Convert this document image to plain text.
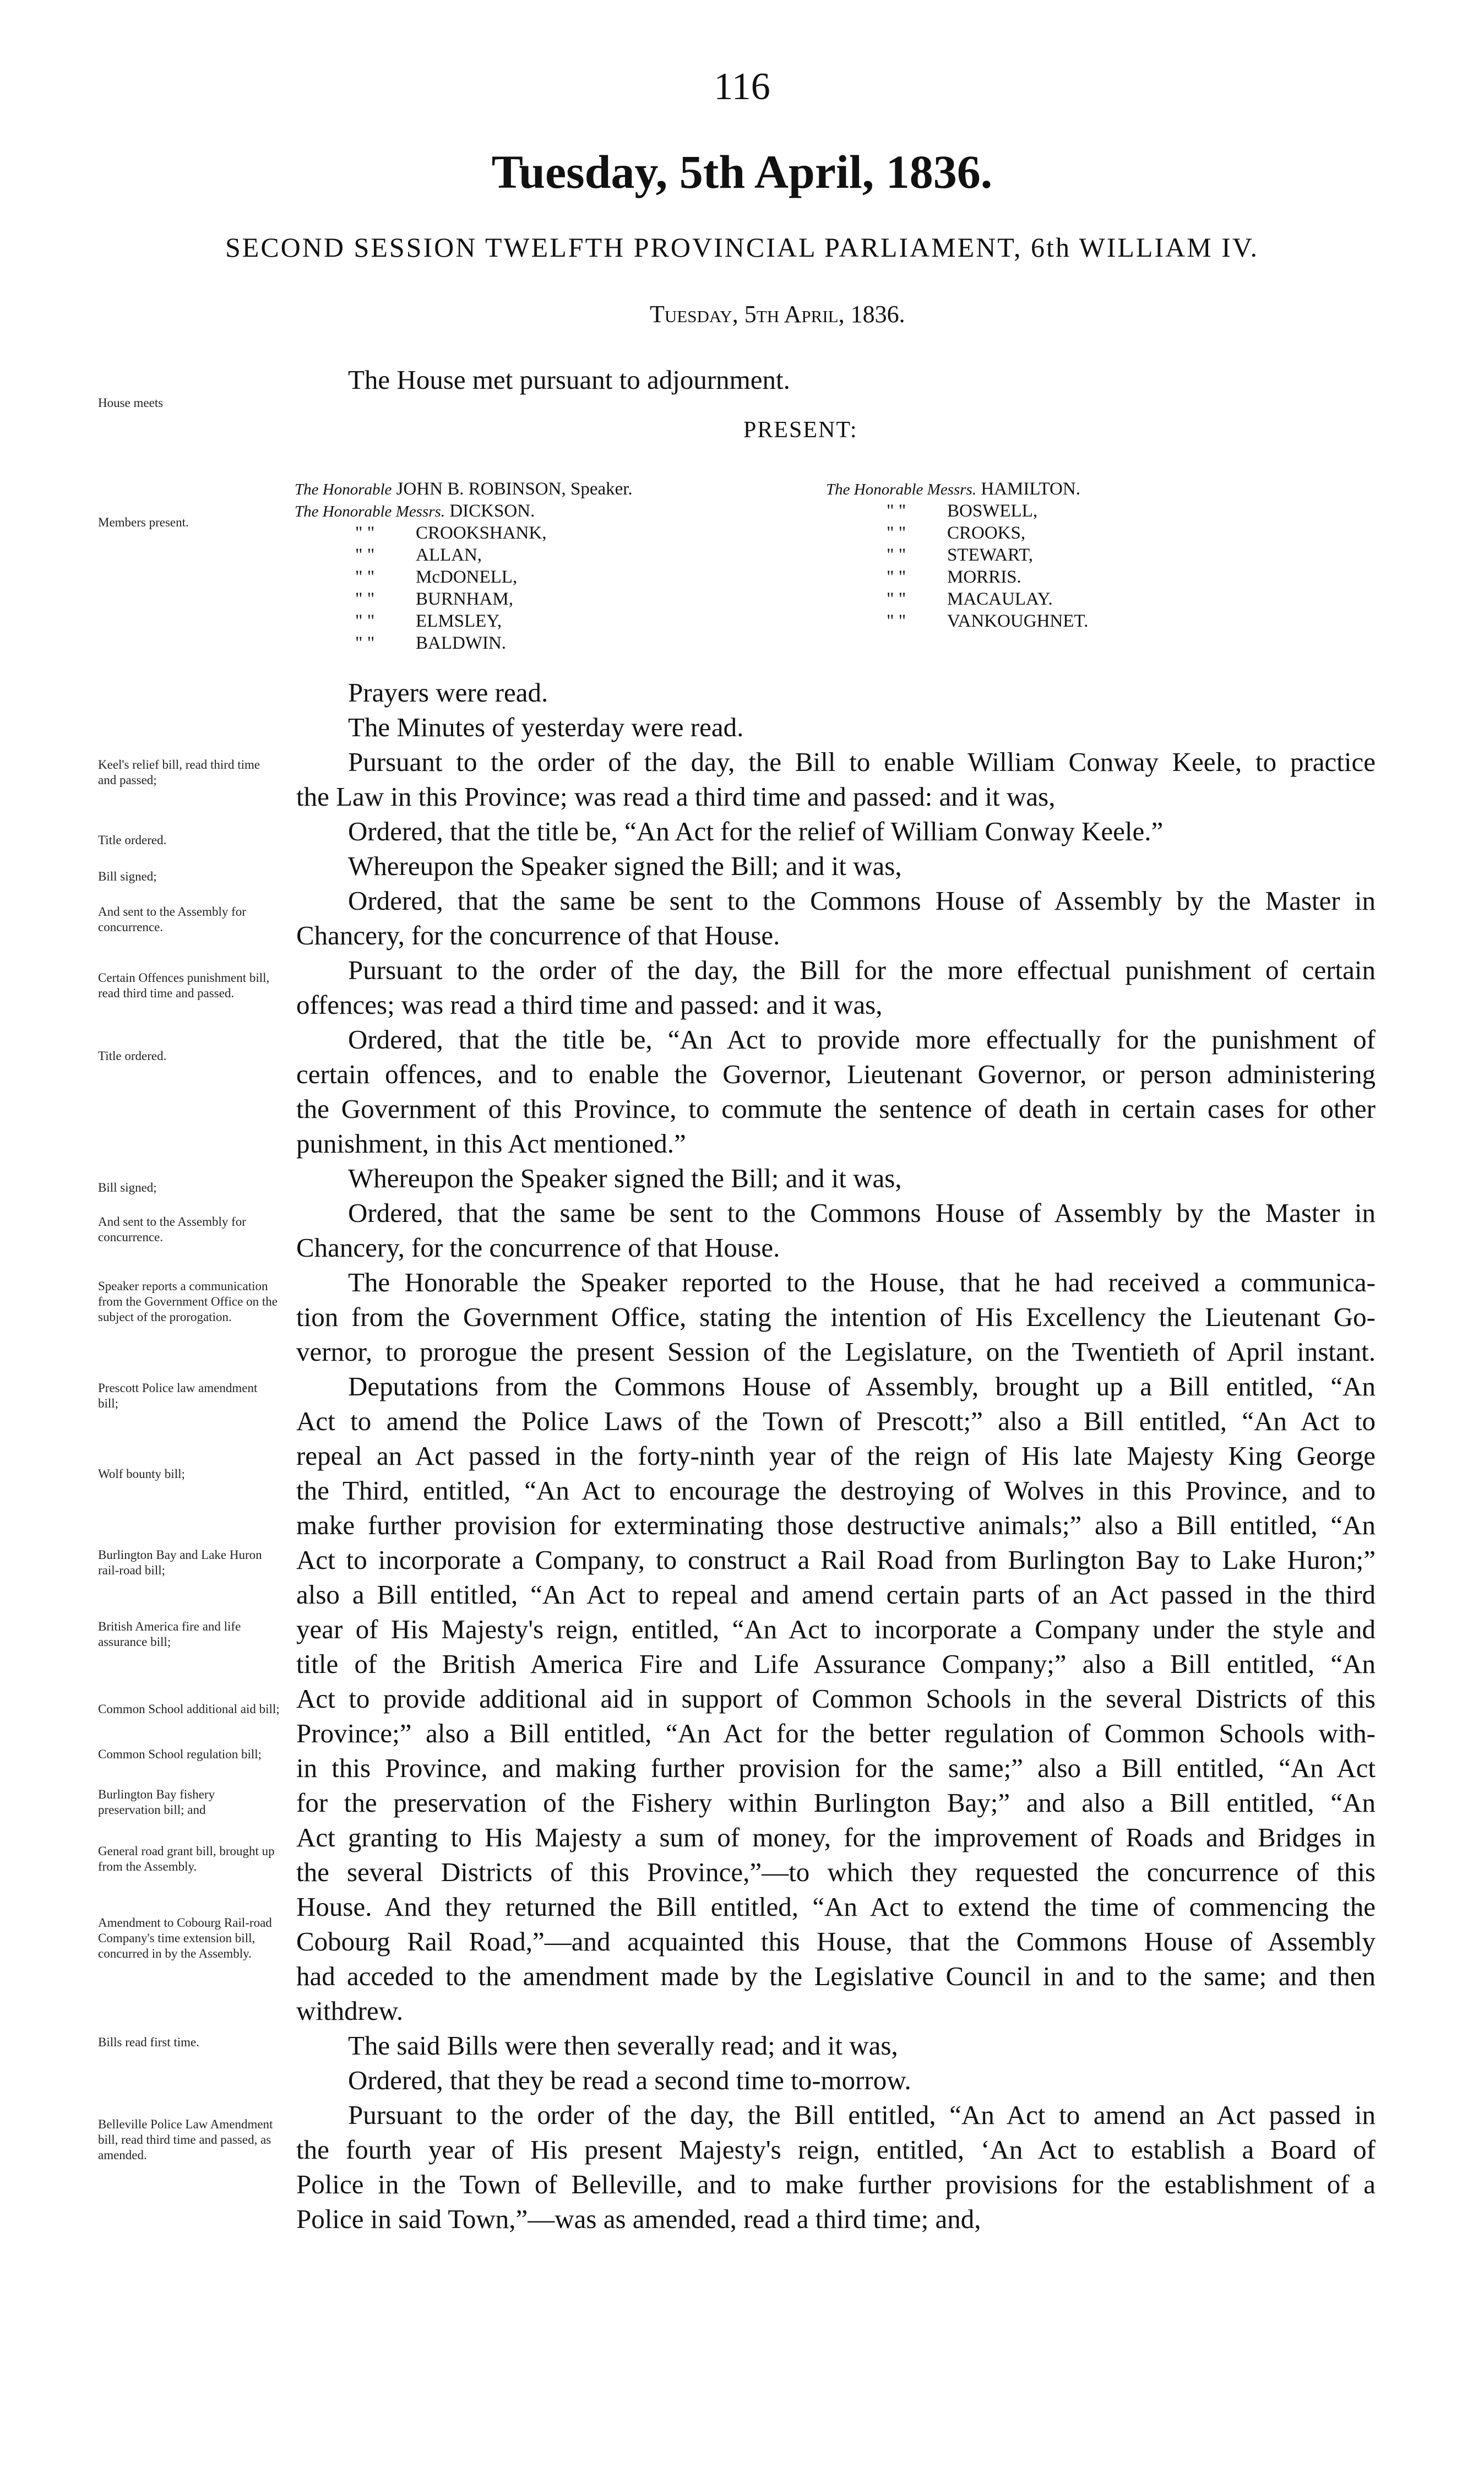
116
Tuesday, 5th April, 1836.
SECOND SESSION TWELFTH PROVINCIAL PARLIAMENT, 6th WILLIAM IV.
Tuesday, 5th April, 1836.
House meets
Members present.
Keel's relief bill, read third time and passed;
Title ordered.
Bill signed;
And sent to the Assembly for concurrence.
Certain Offences punishment bill, read third time and passed.
Title ordered.
Bill signed;
And sent to the Assembly for concurrence.
Speaker reports a communication from the Government Office on the subject of the prorogation.
Prescott Police law amendment bill;
Wolf bounty bill;
Burlington Bay and Lake Huron rail-road bill;
British America fire and life assurance bill;
Common School additional aid bill;
Common School regulation bill;
Burlington Bay fishery preservation bill; and
General road grant bill, brought up from the Assembly.
Amendment to Cobourg Rail-road Company's time extension bill, concurred in by the Assembly.
Bills read first time.
Belleville Police Law Amendment bill, read third time and passed, as amended.
The House met pursuant to adjournment.
PRESENT:
The Honorable JOHN B. ROBINSON, Speaker.
The Honorable Messrs. DICKSON.
" " CROOKSHANK,
" " ALLAN,
" " McDONELL,
" " BURNHAM,
" " ELMSLEY,
" " BALDWIN.
The Honorable Messrs. HAMILTON.
" " BOSWELL,
" " CROOKS,
" " STEWART,
" " MORRIS.
" " MACAULAY.
" " VANKOUGHNET.
Prayers were read.
The Minutes of yesterday were read.
Pursuant to the order of the day, the Bill to enable William Conway Keele, to practice
the Law in this Province; was read a third time and passed: and it was,
Ordered, that the title be, “An Act for the relief of William Conway Keele.”
Whereupon the Speaker signed the Bill; and it was,
Ordered, that the same be sent to the Commons House of Assembly by the Master in
Chancery, for the concurrence of that House.
Pursuant to the order of the day, the Bill for the more effectual punishment of certain
offences; was read a third time and passed: and it was,
Ordered, that the title be, “An Act to provide more effectually for the punishment of
certain offences, and to enable the Governor, Lieutenant Governor, or person administering
the Government of this Province, to commute the sentence of death in certain cases for other
punishment, in this Act mentioned.”
Whereupon the Speaker signed the Bill; and it was,
Ordered, that the same be sent to the Commons House of Assembly by the Master in
Chancery, for the concurrence of that House.
The Honorable the Speaker reported to the House, that he had received a communica-
tion from the Government Office, stating the intention of His Excellency the Lieutenant Go-
vernor, to prorogue the present Session of the Legislature, on the Twentieth of April instant.
Deputations from the Commons House of Assembly, brought up a Bill entitled, “An
Act to amend the Police Laws of the Town of Prescott;” also a Bill entitled, “An Act to
repeal an Act passed in the forty-ninth year of the reign of His late Majesty King George
the Third, entitled, “An Act to encourage the destroying of Wolves in this Province, and to
make further provision for exterminating those destructive animals;” also a Bill entitled, “An
Act to incorporate a Company, to construct a Rail Road from Burlington Bay to Lake Huron;”
also a Bill entitled, “An Act to repeal and amend certain parts of an Act passed in the third
year of His Majesty's reign, entitled, “An Act to incorporate a Company under the style and
title of the British America Fire and Life Assurance Company;” also a Bill entitled, “An
Act to provide additional aid in support of Common Schools in the several Districts of this
Province;” also a Bill entitled, “An Act for the better regulation of Common Schools with-
in this Province, and making further provision for the same;” also a Bill entitled, “An Act
for the preservation of the Fishery within Burlington Bay;” and also a Bill entitled, “An
Act granting to His Majesty a sum of money, for the improvement of Roads and Bridges in
the several Districts of this Province,”—to which they requested the concurrence of this
House. And they returned the Bill entitled, “An Act to extend the time of commencing the
Cobourg Rail Road,”—and acquainted this House, that the Commons House of Assembly
had acceded to the amendment made by the Legislative Council in and to the same; and then
withdrew.
The said Bills were then severally read; and it was,
Ordered, that they be read a second time to-morrow.
Pursuant to the order of the day, the Bill entitled, “An Act to amend an Act passed in
the fourth year of His present Majesty's reign, entitled, ‘An Act to establish a Board of
Police in the Town of Belleville, and to make further provisions for the establishment of a
Police in said Town,”—was as amended, read a third time; and,
